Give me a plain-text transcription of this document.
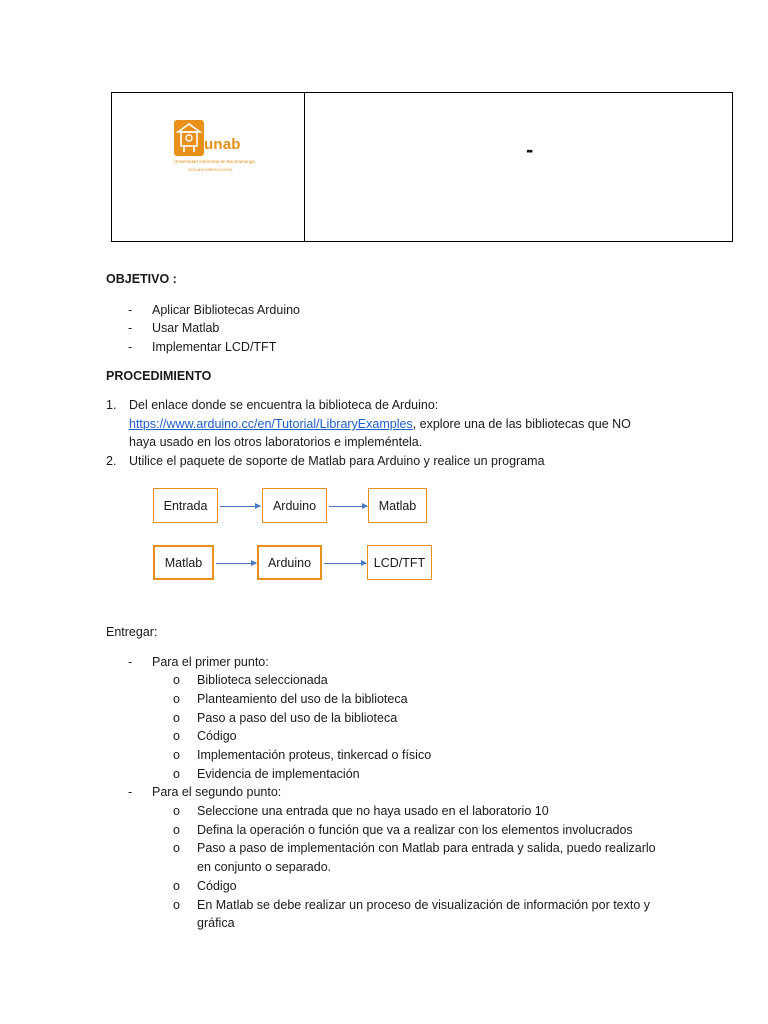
unab
Universidad Autónoma de Bucaramanga
VIGILADA MINEDUCACIÓN
-
OBJETIVO :
- Aplicar Bibliotecas Arduino
- Usar Matlab
- Implementar LCD/TFT
PROCEDIMIENTO
1. Del enlace donde se encuentra la biblioteca de Arduino:
https://www.arduino.cc/en/Tutorial/LibraryExamples, explore una de las bibliotecas que NO
haya usado en los otros laboratorios e impleméntela.
2. Utilice el paquete de soporte de Matlab para Arduino y realice un programa
Entrada	Arduino	Matlab
Matlab	Arduino	LCD/TFT
Entregar:
- Para el primer punto:
o Biblioteca seleccionada
o Planteamiento del uso de la biblioteca
o Paso a paso del uso de la biblioteca
o Código
o Implementación proteus, tinkercad o físico
o Evidencia de implementación
- Para el segundo punto:
o Seleccione una entrada que no haya usado en el laboratorio 10
o Defina la operación o función que va a realizar con los elementos involucrados
o Paso a paso de implementación con Matlab para entrada y salida, puedo realizarlo
en conjunto o separado.
o Código
o En Matlab se debe realizar un proceso de visualización de información por texto y
gráfica
